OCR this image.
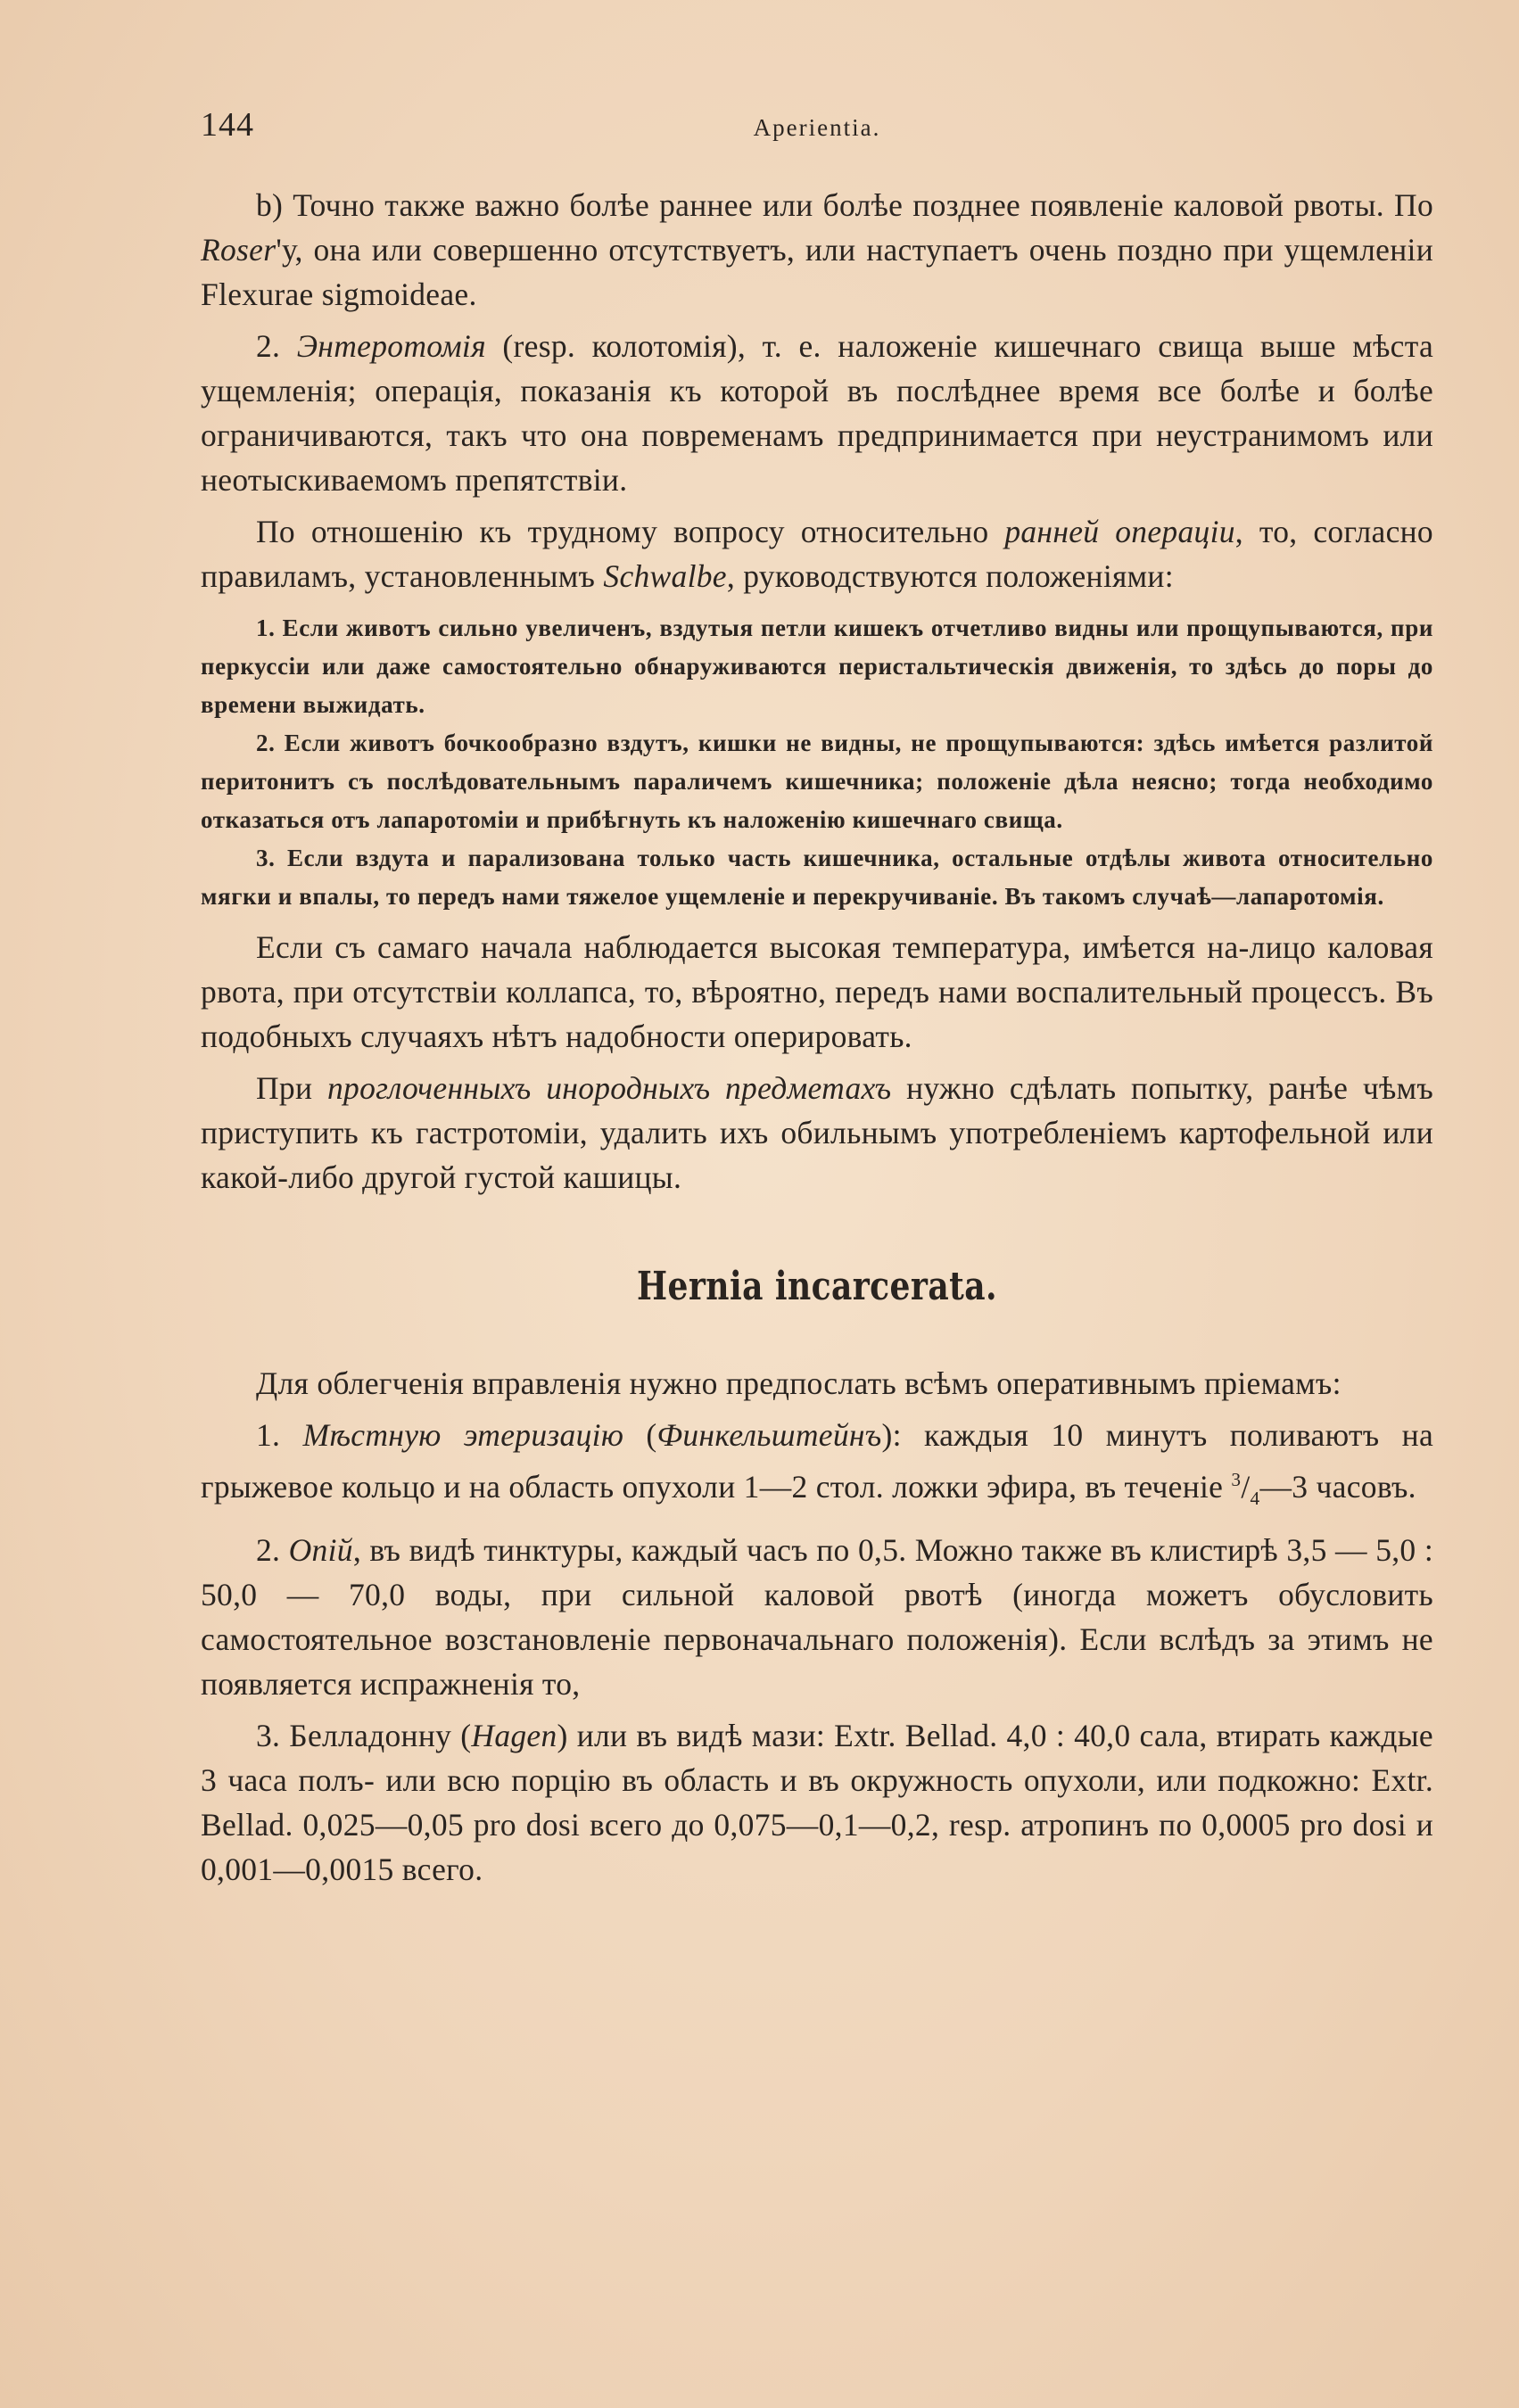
144	Aperientia.

b) Точно также важно болѣе раннее или болѣе позднее появленіе каловой рвоты. По Roser'у, она или совершенно отсутствуетъ, или наступаетъ очень поздно при ущемленіи Flexurae sigmoideae.

2. Энтеротомія (resp. колотомія), т. е. наложеніе кишечнаго свища выше мѣста ущемленія; операція, показанія къ которой въ послѣднее время все болѣе и болѣе ограничиваются, такъ что она повременамъ предпринимается при неустранимомъ или неотыскиваемомъ препятствіи.

По отношенію къ трудному вопросу относительно ранней операціи, то, согласно правиламъ, установленнымъ Schwalbe, руководствуются положеніями:

1. Если животъ сильно увеличенъ, вздутыя петли кишекъ отчетливо видны или прощупываются, при перкуссіи или даже самостоятельно обнаруживаются перистальтическія движенія, то здѣсь до поры до времени выжидать.

2. Если животъ бочкообразно вздутъ, кишки не видны, не прощупываются: здѣсь имѣется разлитой перитонитъ съ послѣдовательнымъ параличемъ кишечника; положеніе дѣла неясно; тогда необходимо отказаться отъ лапаротоміи и прибѣгнуть къ наложенію кишечнаго свища.

3. Если вздута и парализована только часть кишечника, остальные отдѣлы живота относительно мягки и впалы, то передъ нами тяжелое ущемленіе и перекручиваніе. Въ такомъ случаѣ—лапаротомія.

Если съ самаго начала наблюдается высокая температура, имѣется на-лицо каловая рвота, при отсутствіи коллапса, то, вѣроятно, передъ нами воспалительный процессъ. Въ подобныхъ случаяхъ нѣтъ надобности оперировать.

При проглоченныхъ инородныхъ предметахъ нужно сдѣлать попытку, ранѣе чѣмъ приступить къ гастротоміи, удалить ихъ обильнымъ употребленіемъ картофельной или какой-либо другой густой кашицы.

Hernia incarcerata.

Для облегченія вправленія нужно предпослать всѣмъ оперативнымъ пріемамъ:

1. Мѣстную этеризацію (Финкельштейнъ): каждыя 10 минутъ поливаютъ на грыжевое кольцо и на область опухоли 1—2 стол. ложки эфира, въ теченіе $^3/_4—3$ часовъ.

2. Опій, въ видѣ тинктуры, каждый часъ по 0,5. Можно также въ клистирѣ 3,5 — 5,0 : 50,0 — 70,0 воды, при сильной каловой рвотѣ (иногда можетъ обусловить самостоятельное возстановленіе первоначальнаго положенія). Если вслѣдъ за этимъ не появляется испражненія то,

3. Белладонну (Hagen) или въ видѣ мази: Extr. Bellad. 4,0 : 40,0 сала, втирать каждые 3 часа полъ- или всю порцію въ область и въ окружность опухоли, или подкожно: Extr. Bellad. 0,025—0,05 pro dosi всего до 0,075—0,1—0,2, resp. атропинъ по 0,0005 pro dosi и 0,001—0,0015 всего.
